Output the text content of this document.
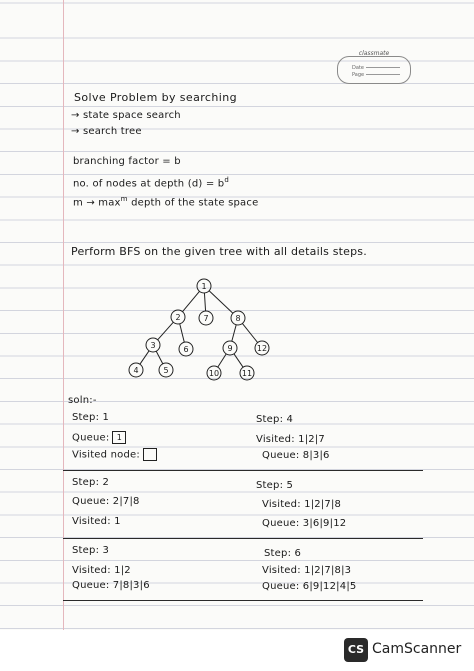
classmate
Date
Page
Solve Problem by searching
→ state space search
→ search tree
branching factor = b
no. of nodes at depth $(d) = b^d$
$m \to \max^m$ depth of the state space
Perform BFS on the given tree with all details steps.
1
2	7	8
3	6	9	12
4	5	10	11
soln:-
Step: 1
Queue: 1
Visited node:
Step: 4
Visited: 1|2|7
Queue: 8|3|6
Step: 2
Queue: 2|7|8
Visited: 1
Step: 5
Visited: 1|2|7|8
Queue: 3|6|9|12
Step: 3
Visited: 1|2
Queue: 7|8|3|6
Step: 6
Visited: 1|2|7|8|3
Queue: 6|9|12|4|5
CS CamScanner
